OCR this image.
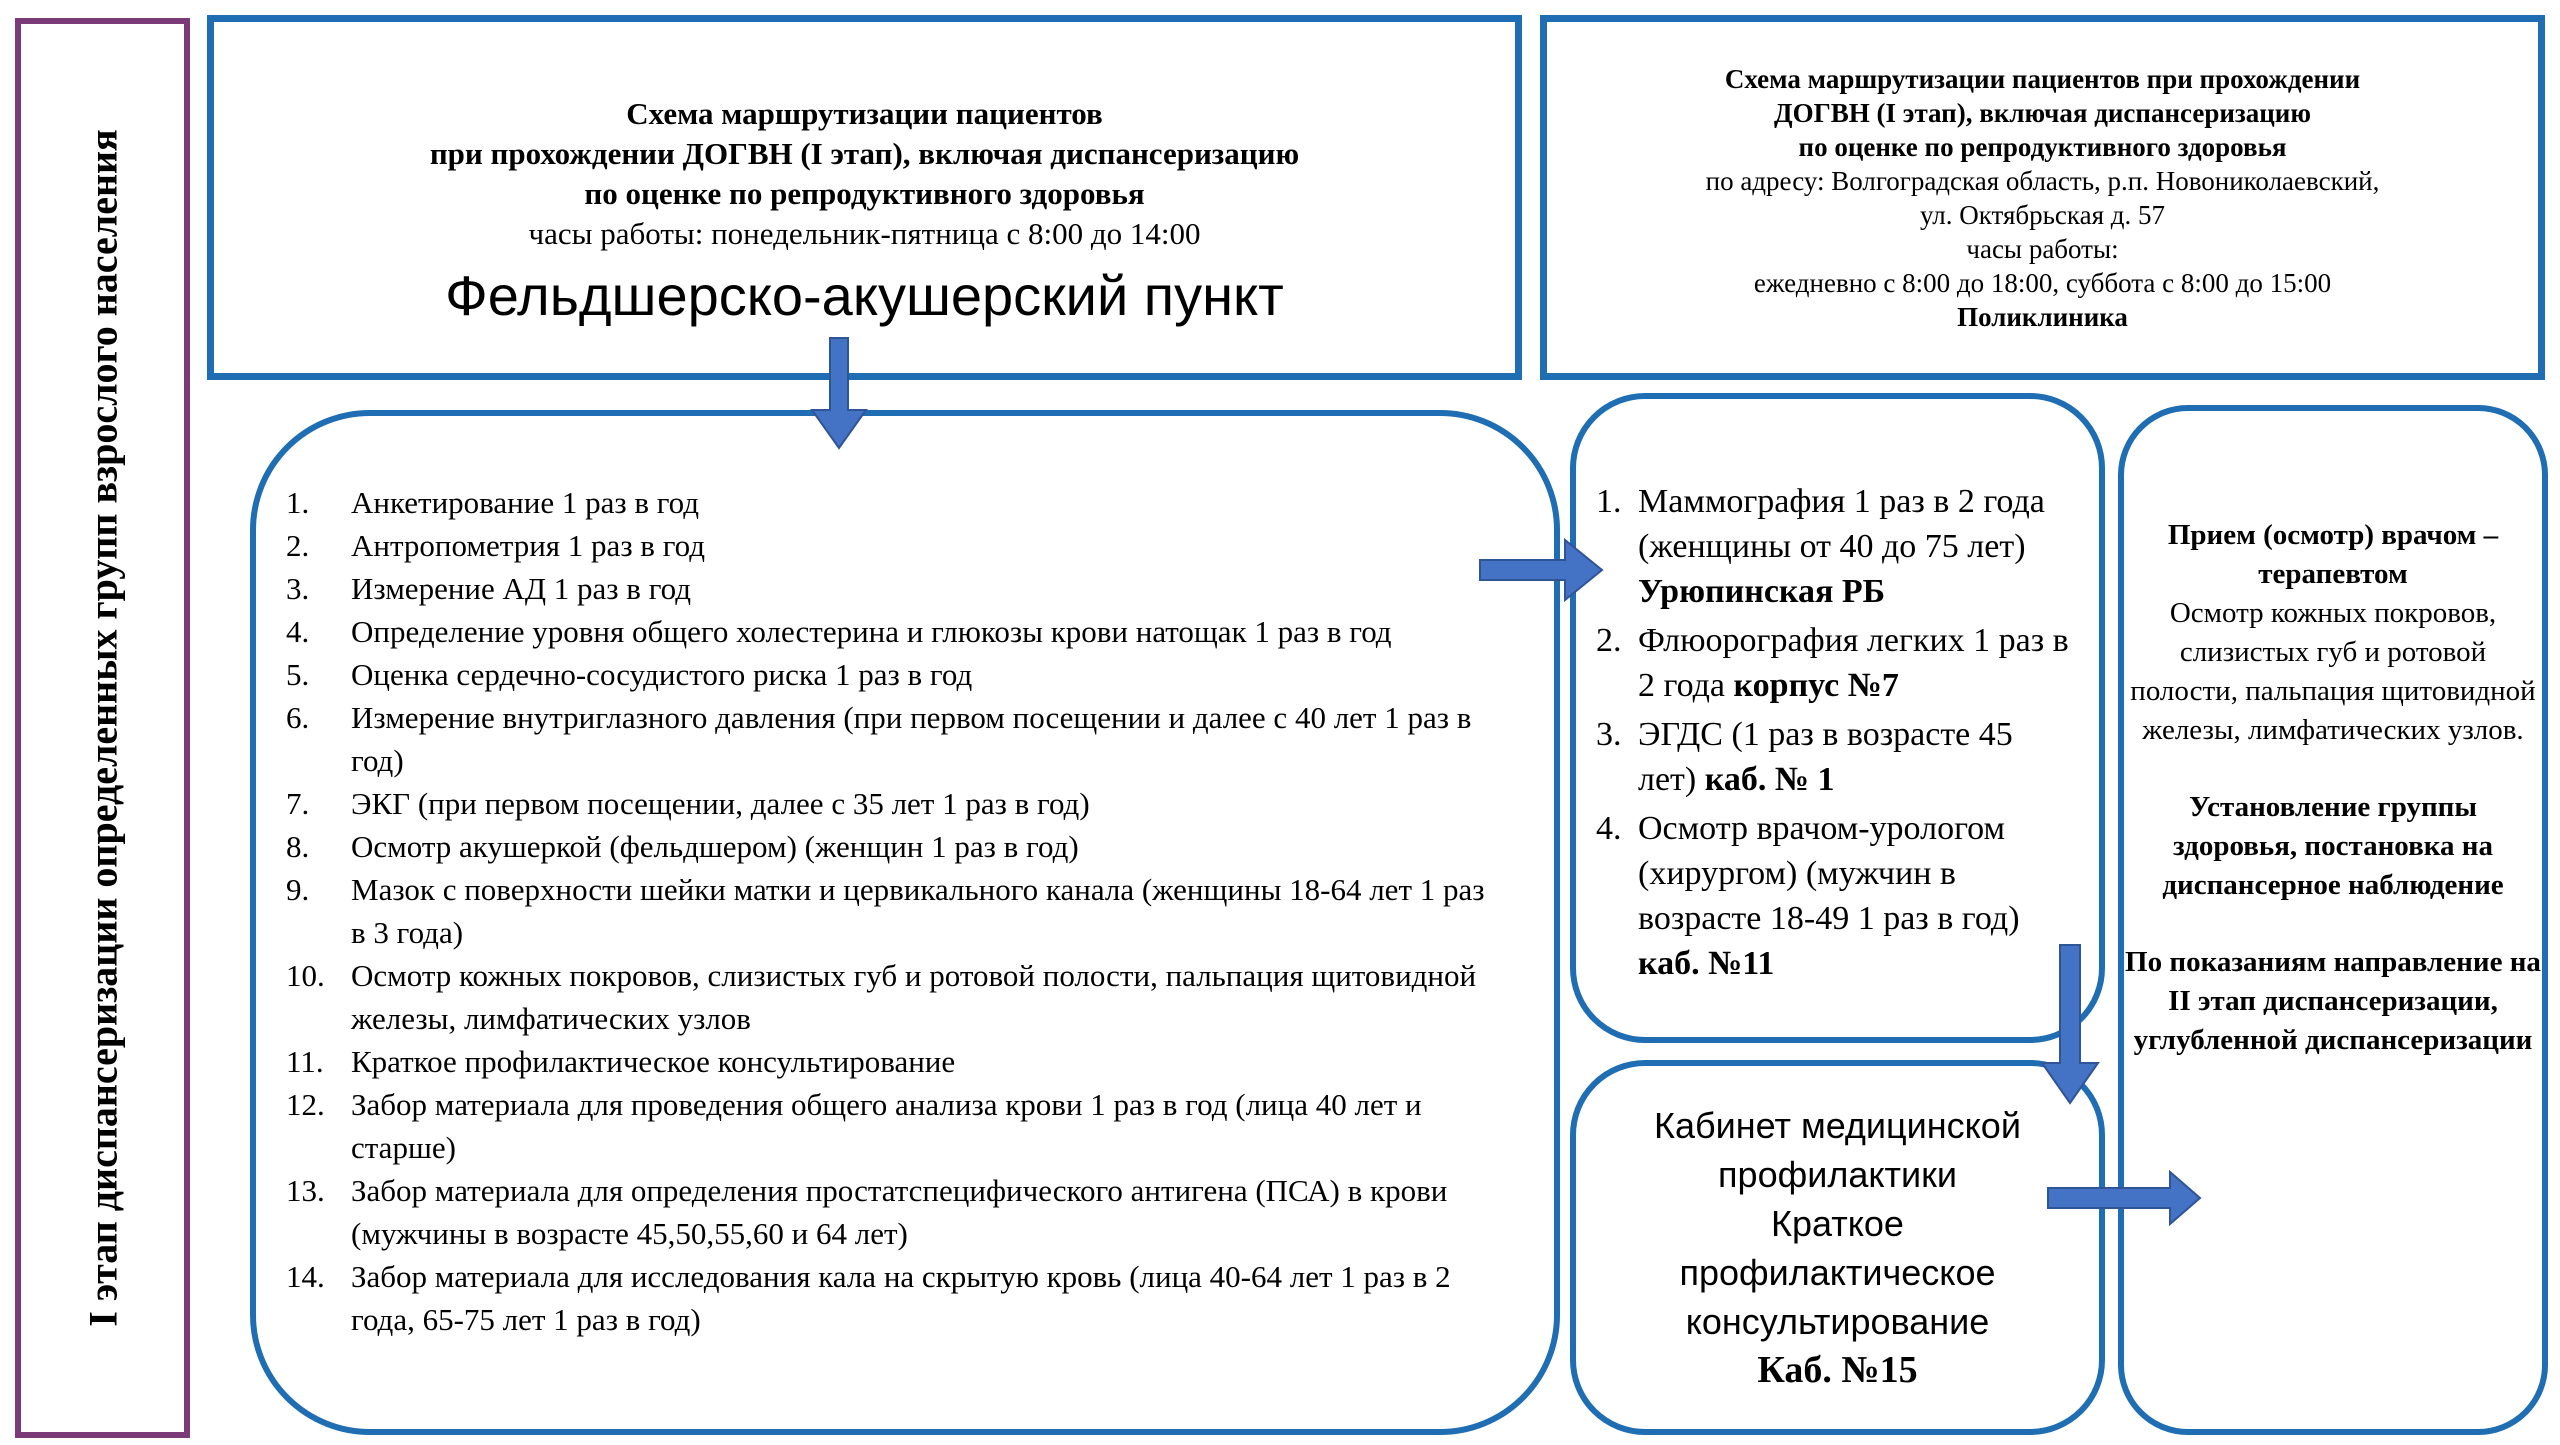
I этап диспансеризации определенных групп взрослого населения
Схема маршрутизации пациентов
при прохождении ДОГВН (I этап), включая диспансеризацию
по оценке по репродуктивного здоровья
часы работы: понедельник-пятница с 8:00 до 14:00
Фельдшерско-акушерский пункт
Схема маршрутизации пациентов при прохождении
ДОГВН (I этап), включая диспансеризацию
по оценке по репродуктивного здоровья
по адресу: Волгоградская область, р.п. Новониколаевский,
ул. Октябрьская д. 57
часы работы:
ежедневно с 8:00 до 18:00, суббота с 8:00 до 15:00
Поликлиника
1.	Анкетирование 1 раз в год
2.	Антропометрия 1 раз в год
3.	Измерение АД 1 раз в год
4.	Определение уровня общего холестерина и глюкозы крови натощак 1 раз в год
5.	Оценка сердечно-сосудистого риска 1 раз в год
6.	Измерение внутриглазного давления (при первом посещении и далее с 40 лет 1 раз в год)
7.	ЭКГ (при первом посещении, далее с 35 лет 1 раз в год)
8.	Осмотр акушеркой (фельдшером) (женщин 1 раз в год)
9.	Мазок с поверхности шейки матки и цервикального канала (женщины 18-64 лет 1 раз в 3 года)
10. Осмотр кожных покровов, слизистых губ и ротовой полости, пальпация щитовидной железы, лимфатических узлов
11. Краткое профилактическое консультирование
12. Забор материала для проведения общего анализа крови 1 раз в год (лица 40 лет и старше)
13. Забор материала для определения простатспецифического антигена (ПСА) в крови (мужчины в возрасте 45,50,55,60 и 64 лет)
14. Забор материала для исследования кала на скрытую кровь (лица 40-64 лет 1 раз в 2 года, 65-75 лет 1 раз в год)
1. Маммография 1 раз в 2 года (женщины от 40 до 75 лет) Урюпинская РБ
2. Флюорография легких 1 раз в 2 года корпус №7
3. ЭГДС (1 раз в возрасте 45 лет) каб. № 1
4. Осмотр врачом-урологом (хирургом) (мужчин в возрасте 18-49 1 раз в год) каб. №11
Кабинет медицинской
профилактики
Краткое
профилактическое
консультирование
Каб. №15
Прием (осмотр) врачом – терапевтом
Осмотр кожных покровов, слизистых губ и ротовой полости, пальпация щитовидной железы, лимфатических узлов.
Установление группы здоровья, постановка на диспансерное наблюдение
По показаниям направление на II этап диспансеризации, углубленной диспансеризации
